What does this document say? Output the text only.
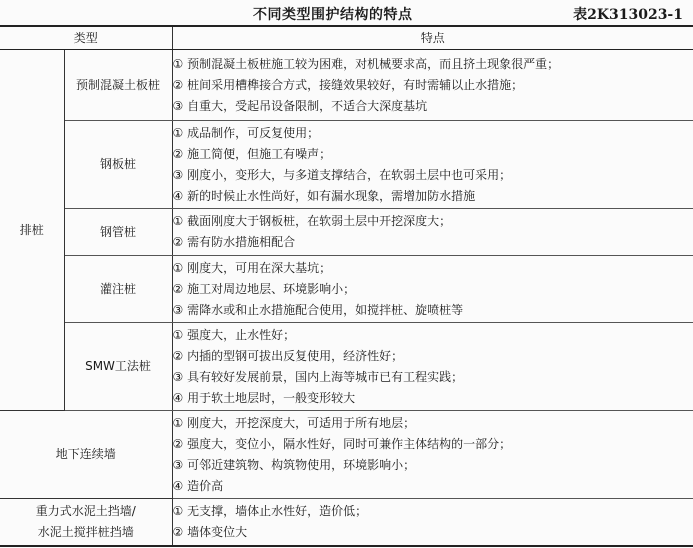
不同类型围护结构的特点	表2K313023-1
类型		特点
排桩	预制混凝土板桩	① 预制混凝土板桩施工较为困难，对机械要求高，而且挤土现象很严重；
② 桩间采用槽榫接合方式，接缝效果较好，有时需辅以止水措施；
③ 自重大，受起吊设备限制，不适合大深度基坑

	钢板桩	① 成品制作，可反复使用；
② 施工简便，但施工有噪声；
③ 刚度小，变形大，与多道支撑结合，在软弱土层中也可采用；
④ 新的时候止水性尚好，如有漏水现象，需增加防水措施

	钢管桩	① 截面刚度大于钢板桩，在软弱土层中开挖深度大；
② 需有防水措施相配合

	灌注桩	① 刚度大，可用在深大基坑；
② 施工对周边地层、环境影响小；
③ 需降水或和止水措施配合使用，如搅拌桩、旋喷桩等

	SMW工法桩	① 强度大，止水性好；
② 内插的型钢可拔出反复使用，经济性好；
③ 具有较好发展前景，国内上海等城市已有工程实践；
④ 用于软土地层时，一般变形较大

地下连续墙		① 刚度大，开挖深度大，可适用于所有地层；
② 强度大，变位小，隔水性好，同时可兼作主体结构的一部分；
③ 可邻近建筑物、构筑物使用，环境影响小；
④ 造价高

重力式水泥土挡墙/
水泥土搅拌桩挡墙		① 无支撑，墙体止水性好，造价低；
② 墙体变位大
